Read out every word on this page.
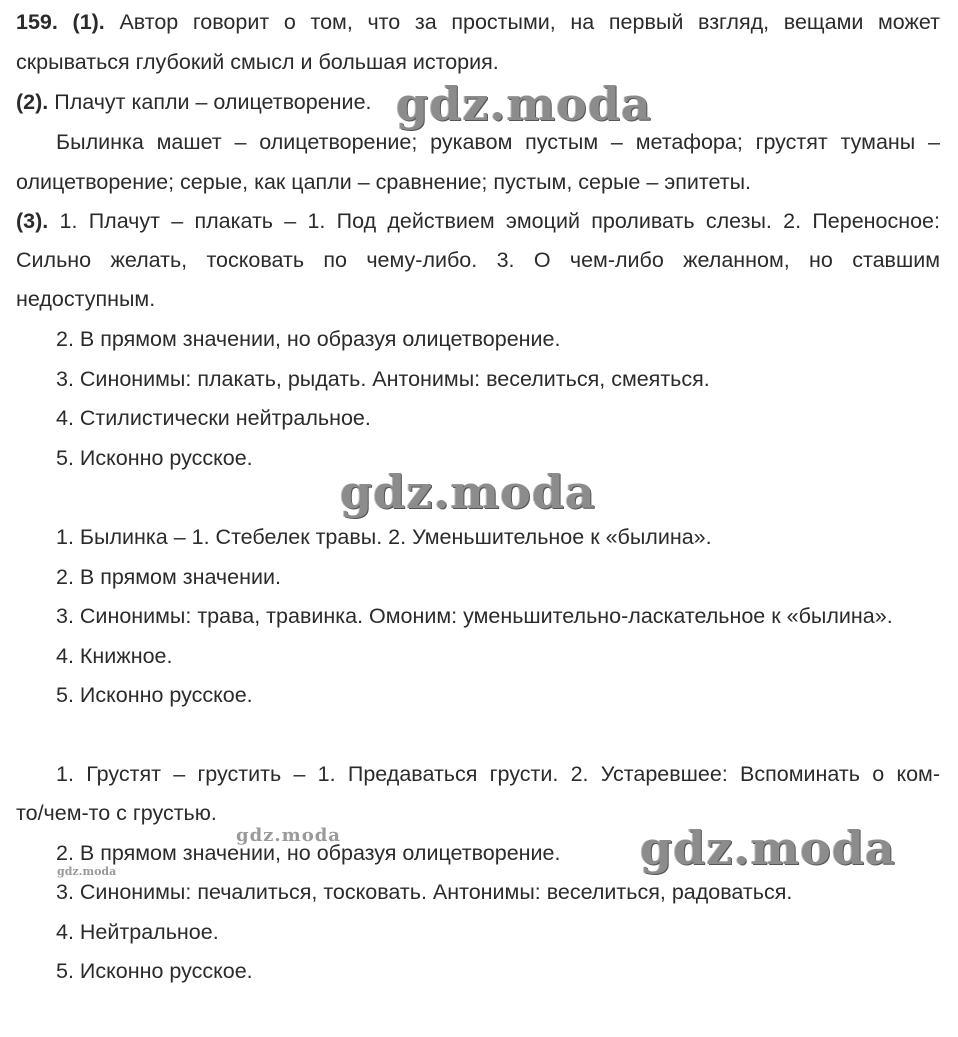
159. (1). Автор говорит о том, что за простыми, на первый взгляд, вещами может
скрываться глубокий смысл и большая история.
(2). Плачут капли – олицетворение.
Былинка машет – олицетворение; рукавом пустым – метафора; грустят туманы –
олицетворение; серые, как цапли – сравнение; пустым, серые – эпитеты.
(3). 1. Плачут – плакать – 1. Под действием эмоций проливать слезы. 2. Переносное:
Сильно желать, тосковать по чему-либо. 3. О чем-либо желанном, но ставшим
недоступным.
2. В прямом значении, но образуя олицетворение.
3. Синонимы: плакать, рыдать. Антонимы: веселиться, смеяться.
4. Стилистически нейтральное.
5. Исконно русское.
1. Былинка – 1. Стебелек травы. 2. Уменьшительное к «былина».
2. В прямом значении.
3. Синонимы: трава, травинка. Омоним: уменьшительно-ласкательное к «былина».
4. Книжное.
5. Исконно русское.
1. Грустят – грустить – 1. Предаваться грусти. 2. Устаревшее: Вспоминать о ком-
то/чем-то с грустью.
2. В прямом значении, но образуя олицетворение.
3. Синонимы: печалиться, тосковать. Антонимы: веселиться, радоваться.
4. Нейтральное.
5. Исконно русское.
gdz.moda
gdz.moda
gdz.moda
gdz.moda	gdz.moda
